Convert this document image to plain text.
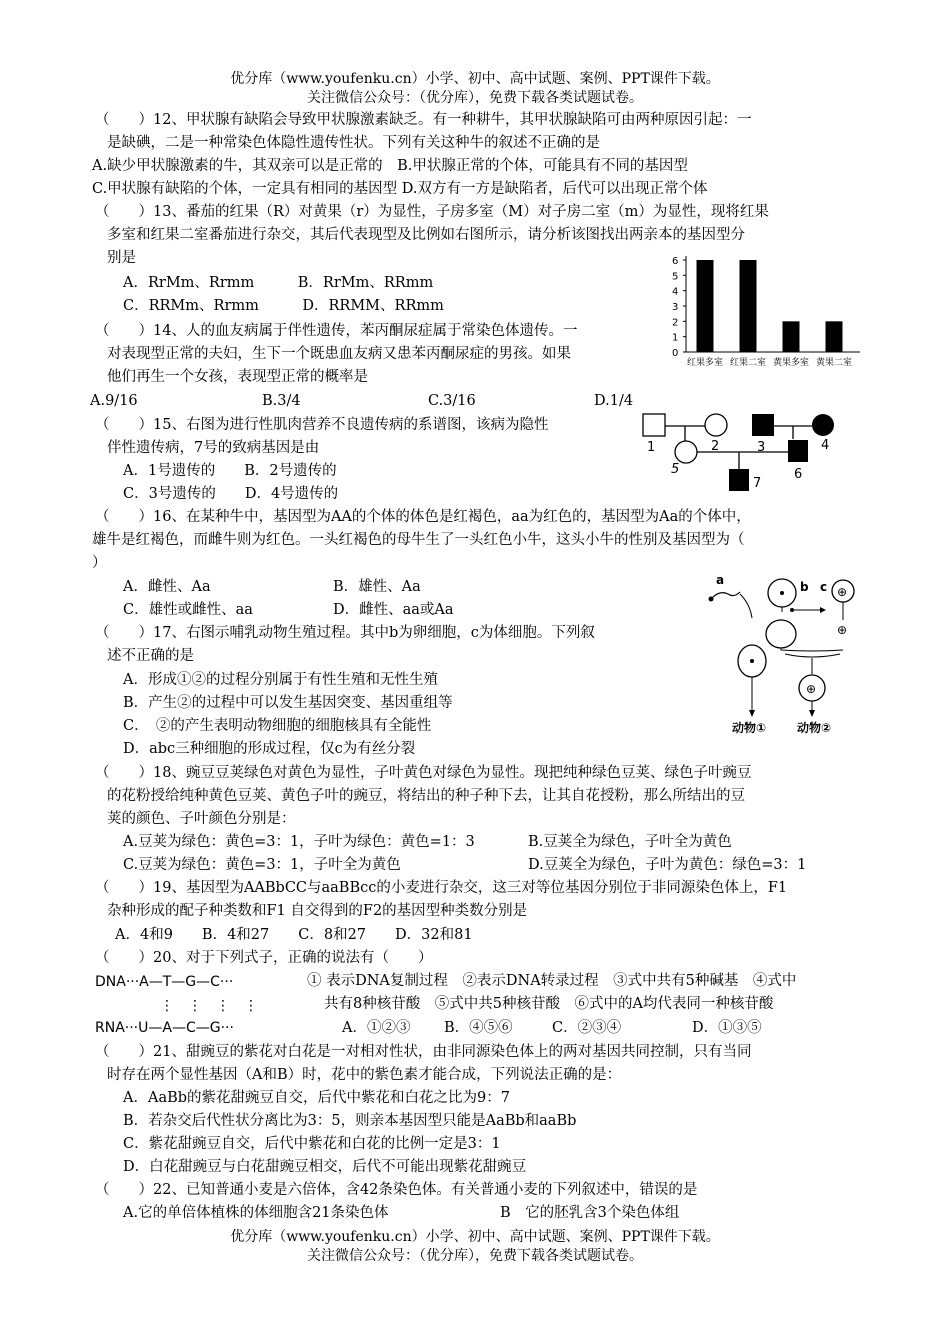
优分库（www.youfenku.cn）小学、初中、高中试题、案例、PPT课件下载。
关注微信公众号：（优分库），免费下载各类试题试卷。
（　　）12、甲状腺有缺陷会导致甲状腺激素缺乏。有一种耕牛，其甲状腺缺陷可由两种原因引起：一
是缺碘，二是一种常染色体隐性遗传性状。下列有关这种牛的叙述不正确的是
A.缺少甲状腺激素的牛，其双亲可以是正常的　B.甲状腺正常的个体，可能具有不同的基因型
C.甲状腺有缺陷的个体，一定具有相同的基因型 D.双方有一方是缺陷者，后代可以出现正常个体
（　　）13、番茄的红果（R）对黄果（r）为显性，子房多室（M）对子房二室（m）为显性，现将红果
多室和红果二室番茄进行杂交，其后代表现型及比例如右图所示，请分析该图找出两亲本的基因型分
别是
A．RrMm、Rrmm　　　B．RrMm、RRmm
C．RRMm、Rrmm　　　D．RRMM、RRmm
0
1
2
3
4
5
6
红果多室 红果二室 黄果多室 黄果二室
（　　）14、人的血友病属于伴性遗传，苯丙酮尿症属于常染色体遗传。一
对表现型正常的夫妇，生下一个既患血友病又患苯丙酮尿症的男孩。如果
他们再生一个女孩，表现型正常的概率是
A.9/16	B.3/4	C.3/16	D.1/4
（　　）15、右图为进行性肌肉营养不良遗传病的系谱图，该病为隐性
伴性遗传病，7号的致病基因是由
A．1号遗传的　　B．2号遗传的
C．3号遗传的　　D．4号遗传的
1	2	3	4
5	6
7
（　　）16、在某种牛中，基因型为AA的个体的体色是红褐色，aa为红色的，基因型为Aa的个体中，
雄牛是红褐色，而雌牛则为红色。一头红褐色的母牛生了一头红色小牛，这头小牛的性别及基因型为（
）
A．雌性、Aa	B．雄性、Aa
C．雄性或雌性、aa	D．雌性、aa或Aa
a	b c ⊕
⊕
⊕
动物①	动物②
（　　）17、右图示哺乳动物生殖过程。其中b为卵细胞，c为体细胞。下列叙
述不正确的是
A．形成①②的过程分别属于有性生殖和无性生殖
B．产生②的过程中可以发生基因突变、基因重组等
C．　②的产生表明动物细胞的细胞核具有全能性
D．abc三种细胞的形成过程，仅c为有丝分裂
（　　）18、豌豆豆荚绿色对黄色为显性，子叶黄色对绿色为显性。现把纯种绿色豆荚、绿色子叶豌豆
的花粉授给纯种黄色豆荚、黄色子叶的豌豆，将结出的种子种下去，让其自花授粉，那么所结出的豆
荚的颜色、子叶颜色分别是：
A.豆荚为绿色：黄色=3：1，子叶为绿色：黄色=1：3	B.豆荚全为绿色，子叶全为黄色
C.豆荚为绿色：黄色=3：1，子叶全为黄色	D.豆荚全为绿色，子叶为黄色：绿色=3：1
（　　）19、基因型为AABbCC与aaBBcc的小麦进行杂交，这三对等位基因分别位于非同源染色体上，F1
杂种形成的配子种类数和F1 自交得到的F2的基因型种类数分别是
A．4和9　　B．4和27　　C．8和27　　D．32和81
（　　）20、对于下列式子，正确的说法有（　　）
DNA···A—T—G—C···
⋮　⋮　⋮　⋮
RNA···U—A—C—G···
① 表示DNA复制过程　②表示DNA转录过程　③式中共有5种碱基　④式中
共有8种核苷酸　⑤式中共5种核苷酸　⑥式中的A均代表同一种核苷酸
A．①②③ B．④⑤⑥	C．②③④	D．①③⑤
（　　）21、甜豌豆的紫花对白花是一对相对性状，由非同源染色体上的两对基因共同控制，只有当同
时存在两个显性基因（A和B）时，花中的紫色素才能合成，下列说法正确的是：
A．AaBb的紫花甜豌豆自交，后代中紫花和白花之比为9：7
B．若杂交后代性状分离比为3：5，则亲本基因型只能是AaBb和aaBb
C．紫花甜豌豆自交，后代中紫花和白花的比例一定是3：1
D．白花甜豌豆与白花甜豌豆相交，后代不可能出现紫花甜豌豆
（　　）22、已知普通小麦是六倍体，含42条染色体。有关普通小麦的下列叙述中，错误的是
A.它的单倍体植株的体细胞含21条染色体	B　它的胚乳含3个染色体组
优分库（www.youfenku.cn）小学、初中、高中试题、案例、PPT课件下载。
关注微信公众号：（优分库），免费下载各类试题试卷。
